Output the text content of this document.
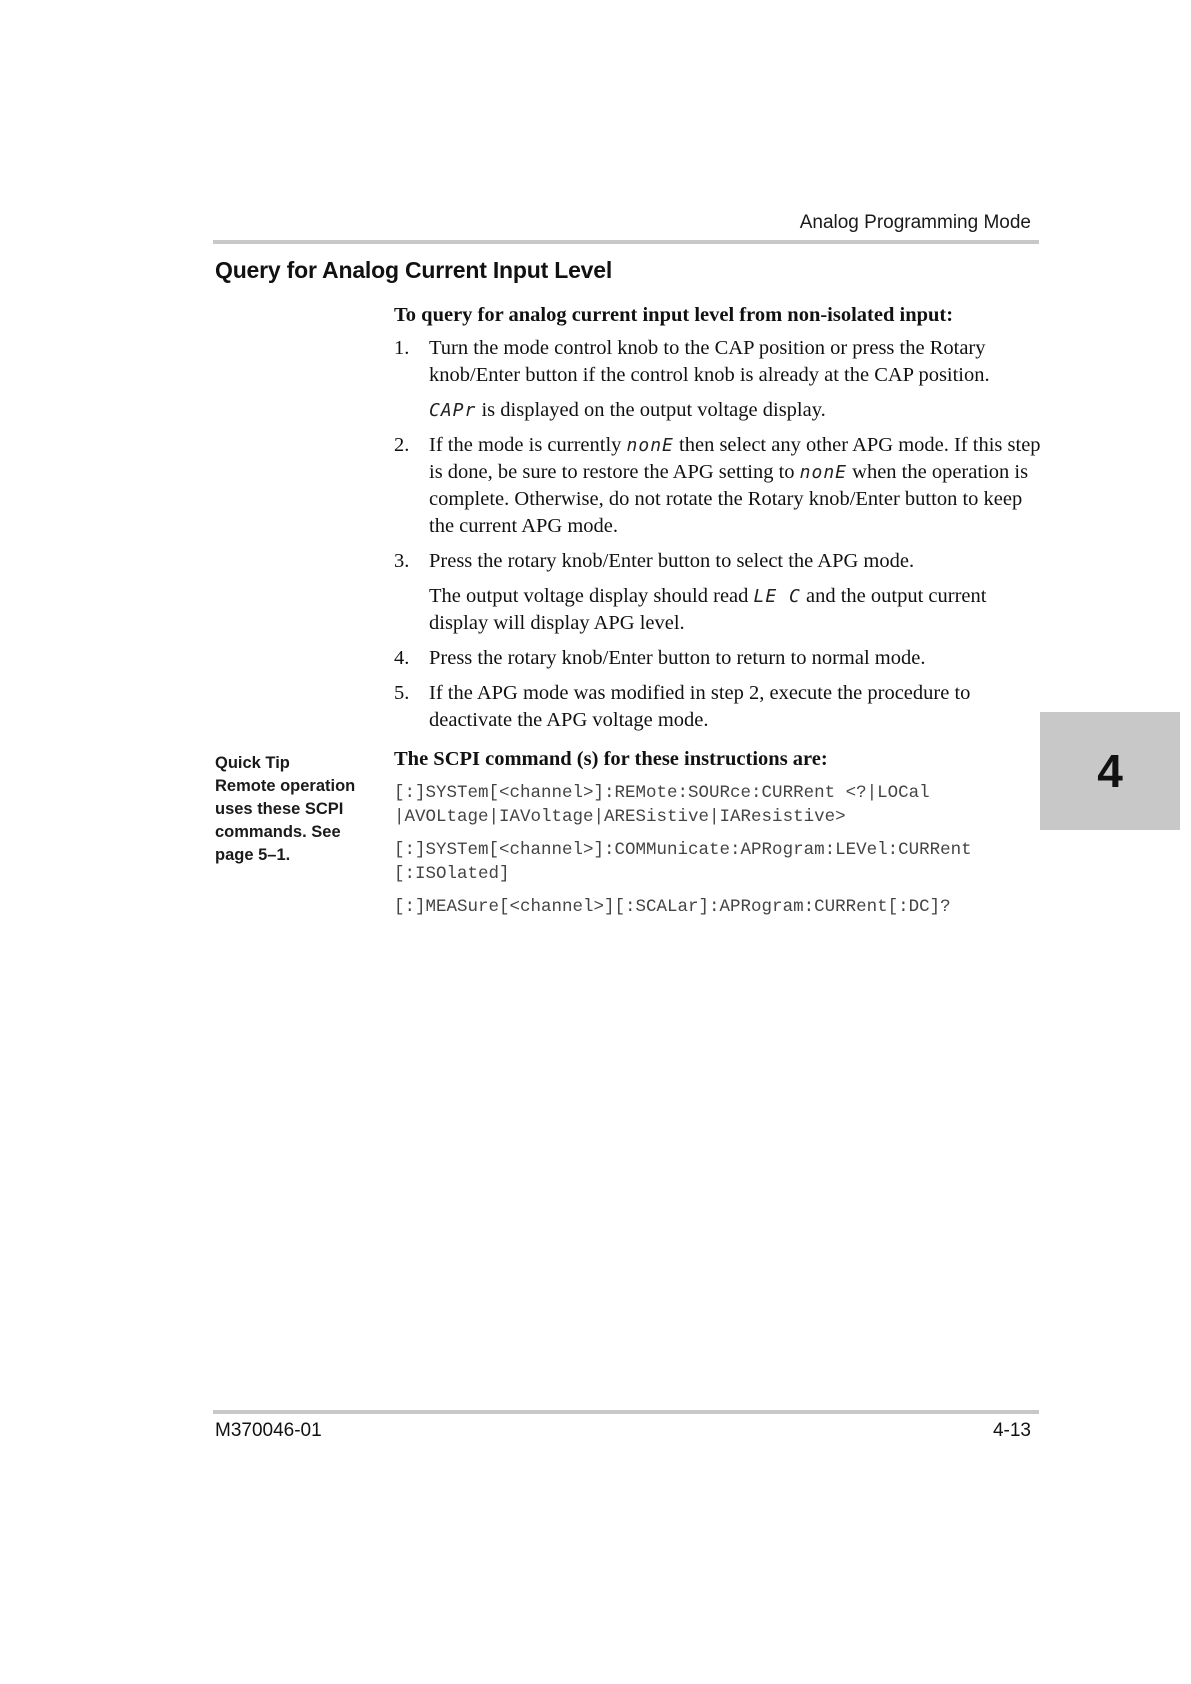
Analog Programming Mode
Query for Analog Current Input Level
To query for analog current input level from non-isolated input:
1. Turn the mode control knob to the CAP position or press the Rotary knob/Enter button if the control knob is already at the CAP position.
CAPr is displayed on the output voltage display.
2. If the mode is currently nonE then select any other APG mode. If this step is done, be sure to restore the APG setting to nonE when the operation is complete. Otherwise, do not rotate the Rotary knob/Enter button to keep the current APG mode.
3. Press the rotary knob/Enter button to select the APG mode.
The output voltage display should read LE C and the output current display will display APG level.
4. Press the rotary knob/Enter button to return to normal mode.
5. If the APG mode was modified in step 2, execute the procedure to deactivate the APG voltage mode.
The SCPI command (s) for these instructions are:
[:]SYSTem[<channel>]:REMote:SOURce:CURRent <?|LOCal
|AVOLtage|IAVoltage|ARESistive|IAResistive>
[:]SYSTem[<channel>]:COMMunicate:APRogram:LEVel:CURRent
[:ISOlated]
[:]MEASure[<channel>][:SCALar]:APRogram:CURRent[:DC]?
Quick Tip
Remote operation uses these SCPI commands. See page 5–1.
4
M370046-01	4-13
